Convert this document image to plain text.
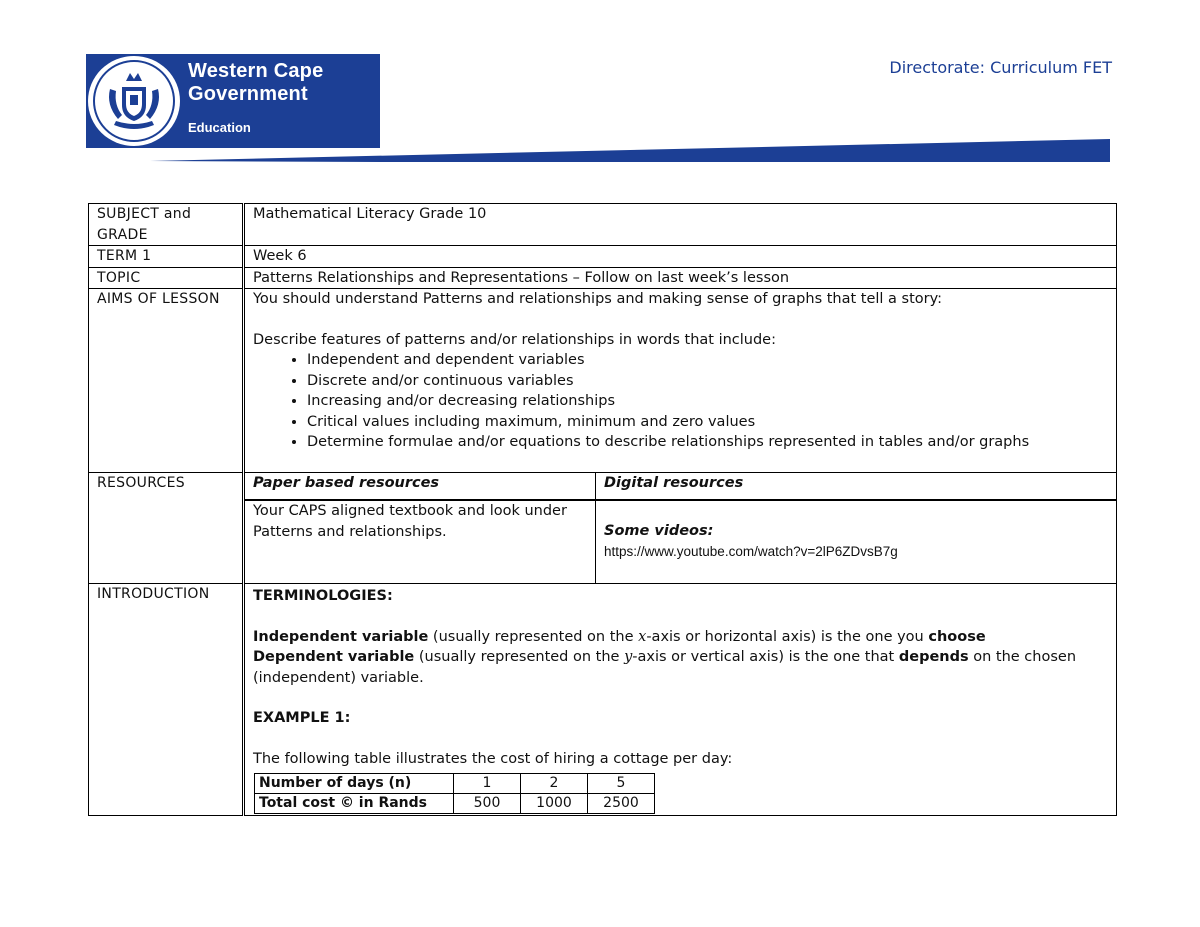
Western Cape
Government
Education
Directorate: Curriculum FET
SUBJECT and GRADE	Mathematical Literacy Grade 10
TERM 1	Week 6
TOPIC	Patterns Relationships and Representations – Follow on last week’s lesson
AIMS OF LESSON	You should understand Patterns and relationships and making sense of graphs that tell a story:
Describe features of patterns and/or relationships in words that include:
• Independent and dependent variables
• Discrete and/or continuous variables
• Increasing and/or decreasing relationships
• Critical values including maximum, minimum and zero values
• Determine formulae and/or equations to describe relationships represented in tables and/or graphs

RESOURCES		Paper based resources	Digital resources
Your CAPS aligned textbook and look under Patterns and relationships.	Some videos:
https://www.youtube.com/watch?v=2lP6ZDvsB7g

INTRODUCTION	TERMINOLOGIES:
Independent variable (usually represented on the x-axis or horizontal axis) is the one you choose
Dependent variable (usually represented on the y-axis or vertical axis) is the one that depends on the chosen (independent) variable.
EXAMPLE 1:
The following table illustrates the cost of hiring a cottage per day:
Number of days (n)	1	2	5
Total cost © in Rands	500	1000	2500
